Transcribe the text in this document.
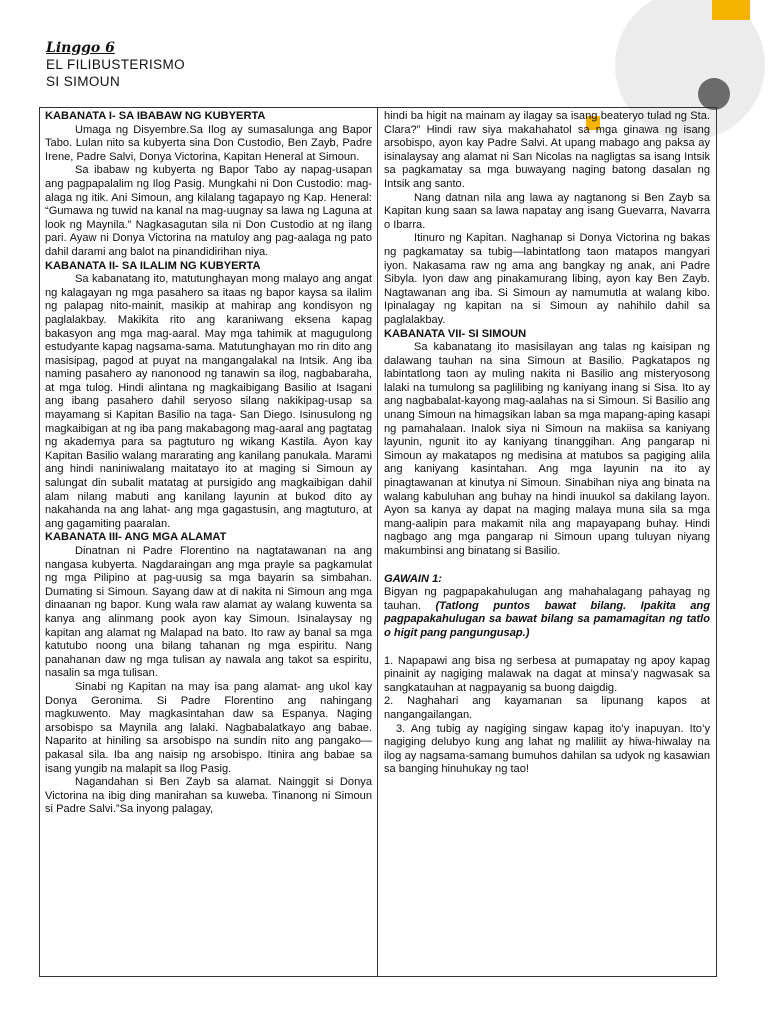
Linggo 6
EL FILIBUSTERISMO
SI SIMOUN

KABANATA I- SA IBABAW NG KUBYERTA

Umaga ng Disyembre.Sa Ilog ay sumasalunga ang Bapor Tabo. Lulan nito sa kubyerta sina Don Custodio, Ben Zayb, Padre Irene, Padre Salvi, Donya Victorina, Kapitan Heneral at Simoun.

Sa ibabaw ng kubyerta ng Bapor Tabo ay napag-usapan ang pagpapalalim ng Ilog Pasig. Mungkahi ni Don Custodio: mag-alaga ng itik. Ani Simoun, ang kilalang tagapayo ng Kap. Heneral: “Gumawa ng tuwid na kanal na mag-uugnay sa lawa ng Laguna at look ng Maynila.” Nagkasagutan sila ni Don Custodio at ng ilang pari. Ayaw ni Donya Victorina na matuloy ang pag-aalaga ng pato dahil darami ang balot na pinandidirihan niya.

KABANATA II- SA ILALIM NG KUBYERTA

Sa kabanatang ito, matutunghayan mong malayo ang angat ng kalagayan ng mga pasahero sa itaas ng bapor kaysa sa ilalim ng palapag nito-mainit, masikip at mahirap ang kondisyon ng paglalakbay. Makikita rito ang karaniwang eksena kapag bakasyon ang mga mag-aaral. May mga tahimik at magugulong estudyante kapag nagsama-sama. Matutunghayan mo rin dito ang masisipag, pagod at puyat na mangangalakal na Intsik. Ang iba naming pasahero ay nanonood ng tanawin sa ilog, nagbabaraha, at mga tulog. Hindi alintana ng magkaibigang Basilio at Isagani ang ibang pasahero dahil seryoso silang nakikipag-usap sa mayamang si Kapitan Basilio na taga- San Diego. Isinusulong ng magkaibigan at ng iba pang makabagong mag-aaral ang pagtatag ng akademya para sa pagtuturo ng wikang Kastila. Ayon kay Kapitan Basilio walang mararating ang kanilang panukala. Marami ang hindi naniniwalang maitatayo ito at maging si Simoun ay salungat din subalit matatag at pursigido ang magkaibigan dahil alam nilang mabuti ang kanilang layunin at bukod dito ay nakahanda na ang lahat- ang mga gagastusin, ang magtuturo, at ang gagamiting paaralan.

KABANATA III- ANG MGA ALAMAT

Dinatnan ni Padre Florentino na nagtatawanan na ang nangasa kubyerta. Nagdaraingan ang mga prayle sa pagkamulat ng mga Pilipino at pag-uusig sa mga bayarin sa simbahan. Dumating si Simoun. Sayang daw at di nakita ni Simoun ang mga dinaanan ng bapor. Kung wala raw alamat ay walang kuwenta sa kanya ang alinmang pook ayon kay Simoun. Isinalaysay ng kapitan ang alamat ng Malapad na bato. Ito raw ay banal sa mga katutubo noong una bilang tahanan ng mga espiritu. Nang panahanan daw ng mga tulisan ay nawala ang takot sa espiritu, nasalin sa mga tulisan.

Sinabi ng Kapitan na may isa pang alamat- ang ukol kay Donya Geronima. Si Padre Florentino ang nahingang magkuwento. May magkasintahan daw sa Espanya. Naging arsobispo sa Maynila ang lalaki. Nagbabalatkayo ang babae. Naparito at hiniling sa arsobispo na sundin nito ang pangako—pakasal sila. Iba ang naisip ng arsobispo. Itinira ang babae sa isang yungib na malapit sa Ilog Pasig.

Nagandahan si Ben Zayb sa alamat. Nainggit si Donya Victorina na ibig ding manirahan sa kuweba. Tinanong ni Simoun si Padre Salvi.”Sa inyong palagay,

hindi ba higit na mainam ay ilagay sa isang beateryo tulad ng Sta. Clara?” Hindi raw siya makahahatol sa mga ginawa ng isang arsobispo, ayon kay Padre Salvi. At upang mabago ang paksa ay isinalaysay ang alamat ni San Nicolas na nagligtas sa isang Intsik sa pagkamatay sa mga buwayang naging batong dasalan ng Intsik ang santo.

Nang datnan nila ang lawa ay nagtanong si Ben Zayb sa Kapitan kung saan sa lawa napatay ang isang Guevarra, Navarra o Ibarra.

Itinuro ng Kapitan. Naghanap si Donya Victorina ng bakas ng pagkamatay sa tubig—labintatlong taon matapos mangyari iyon. Nakasama raw ng ama ang bangkay ng anak, ani Padre Sibyla. Iyon daw ang pinakamurang libing, ayon kay Ben Zayb. Nagtawanan ang iba. Si Simoun ay namumutla at walang kibo. Ipinalagay ng kapitan na si Simoun ay nahihilo dahil sa paglalakbay.

KABANATA VII- SI SIMOUN

Sa kabanatang ito masisilayan ang talas ng kaisipan ng dalawang tauhan na sina Simoun at Basilio. Pagkatapos ng labintatlong taon ay muling nakita ni Basilio ang misteryosong lalaki na tumulong sa paglilibing ng kaniyang inang si Sisa. Ito ay ang nagbabalat-kayong mag-aalahas na si Simoun. Si Basilio ang unang Simoun na himagsikan laban sa mga mapang-aping kasapi ng pamahalaan. Inalok siya ni Simoun na makiisa sa kaniyang layunin, ngunit ito ay kaniyang tinanggihan. Ang pangarap ni Simoun ay makatapos ng medisina at matubos sa pagiging alila ang kaniyang kasintahan. Ang mga layunin na ito ay pinagtawanan at kinutya ni Simoun. Sinabihan niya ang binata na walang kabuluhan ang buhay na hindi inuukol sa dakilang layon. Ayon sa kanya ay dapat na maging malaya muna sila sa mga mang-aalipin para makamit nila ang mapayapang buhay. Hindi nagbago ang mga pangarap ni Simoun upang tuluyan niyang makumbinsi ang binatang si Basilio.

GAWAIN 1:

Bigyan ng pagpapakahulugan ang mahahalagang pahayag ng tauhan. (Tatlong puntos bawat bilang. Ipakita ang pagpapakahulugan sa bawat bilang sa pamamagitan ng tatlo o higit pang pangungusap.)

1. Napapawi ang bisa ng serbesa at pumapatay ng apoy kapag pinainit ay nagiging malawak na dagat at minsa’y nagwasak sa sangkatauhan at nagpayanig sa buong daigdig.

2. Naghahari ang kayamanan sa lipunang kapos at nangangailangan.

3. Ang tubig ay nagiging singaw kapag ito’y inapuyan. Ito’y nagiging delubyo kung ang lahat ng maliliit ay hiwa-hiwalay na ilog ay nagsama-samang bumuhos dahilan sa udyok ng kasawian sa banging hinuhukay ng tao!
